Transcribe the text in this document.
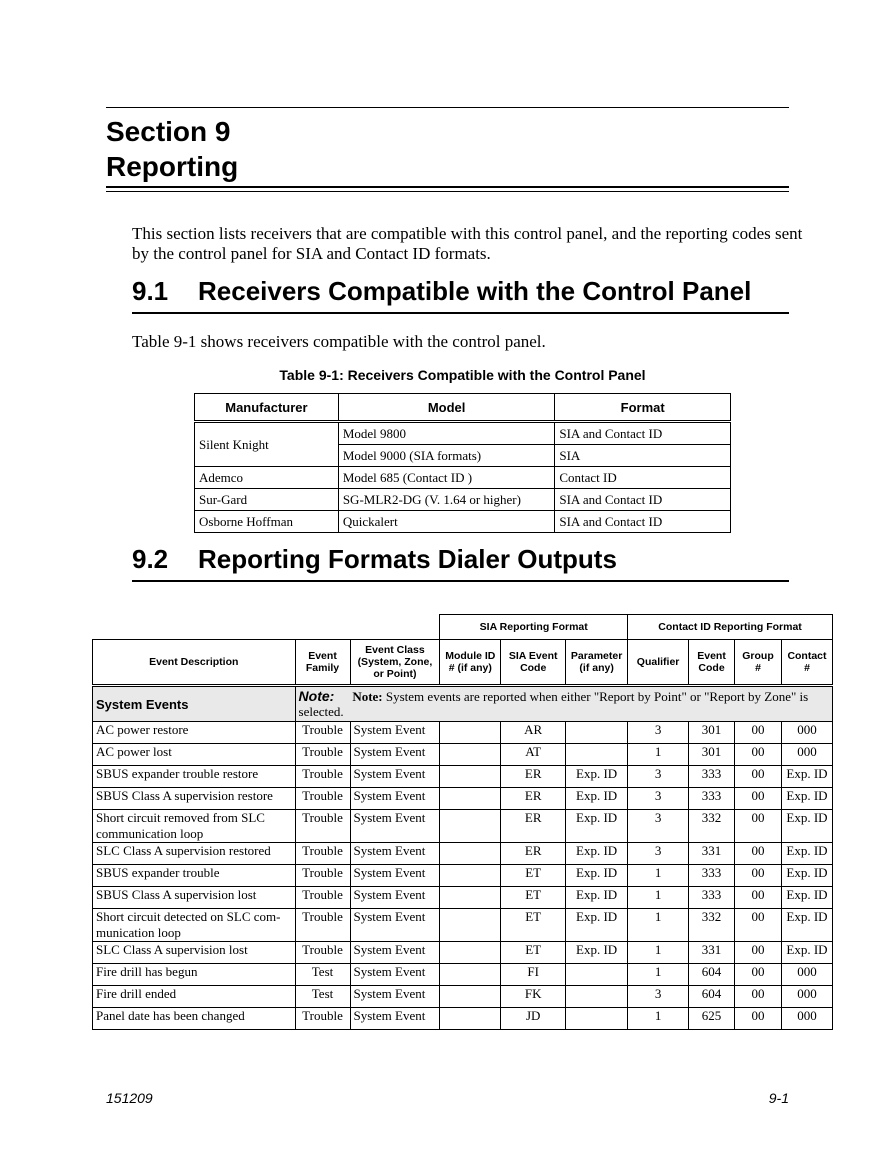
Section 9
Reporting
This section lists receivers that are compatible with this control panel, and the reporting codes sent by the control panel for SIA and Contact ID formats.
9.1 Receivers Compatible with the Control Panel
Table 9-1 shows receivers compatible with the control panel.
Table 9-1: Receivers Compatible with the Control Panel
Manufacturer	Model	Format
Silent Knight	Model 9800	SIA and Contact ID
	Model 9000 (SIA formats)	SIA
Ademco	Model 685 (Contact ID )	Contact ID
Sur-Gard	SG-MLR2-DG (V. 1.64 or higher)	SIA and Contact ID
Osborne Hoffman	Quickalert	SIA and Contact ID
9.2 Reporting Formats Dialer Outputs
			SIA Reporting Format			Contact ID Reporting Format			
Event Description	Event Family	Event Class (System, Zone, or Point)	Module ID # (if any)	SIA Event Code	Parameter (if any)	Qualifier	Event Code	Group #	Contact #
System Events	Note: Note: System events are reported when either "Report by Point" or "Report by Zone" is selected.								
AC power restore	Trouble	System Event		AR		3	301	00	000
AC power lost	Trouble	System Event		AT		1	301	00	000
SBUS expander trouble restore	Trouble	System Event		ER	Exp. ID	3	333	00	Exp. ID
SBUS Class A supervision restore	Trouble	System Event		ER	Exp. ID	3	333	00	Exp. ID
Short circuit removed from SLC communication loop	Trouble	System Event		ER	Exp. ID	3	332	00	Exp. ID
SLC Class A supervision restored	Trouble	System Event		ER	Exp. ID	3	331	00	Exp. ID
SBUS expander trouble	Trouble	System Event		ET	Exp. ID	1	333	00	Exp. ID
SBUS Class A supervision lost	Trouble	System Event		ET	Exp. ID	1	333	00	Exp. ID
Short circuit detected on SLC com-munication loop	Trouble	System Event		ET	Exp. ID	1	332	00	Exp. ID
SLC Class A supervision lost	Trouble	System Event		ET	Exp. ID	1	331	00	Exp. ID
Fire drill has begun	Test	System Event		FI		1	604	00	000
Fire drill ended	Test	System Event		FK		3	604	00	000
Panel date has been changed	Trouble	System Event		JD		1	625	00	000
151209	9-1
